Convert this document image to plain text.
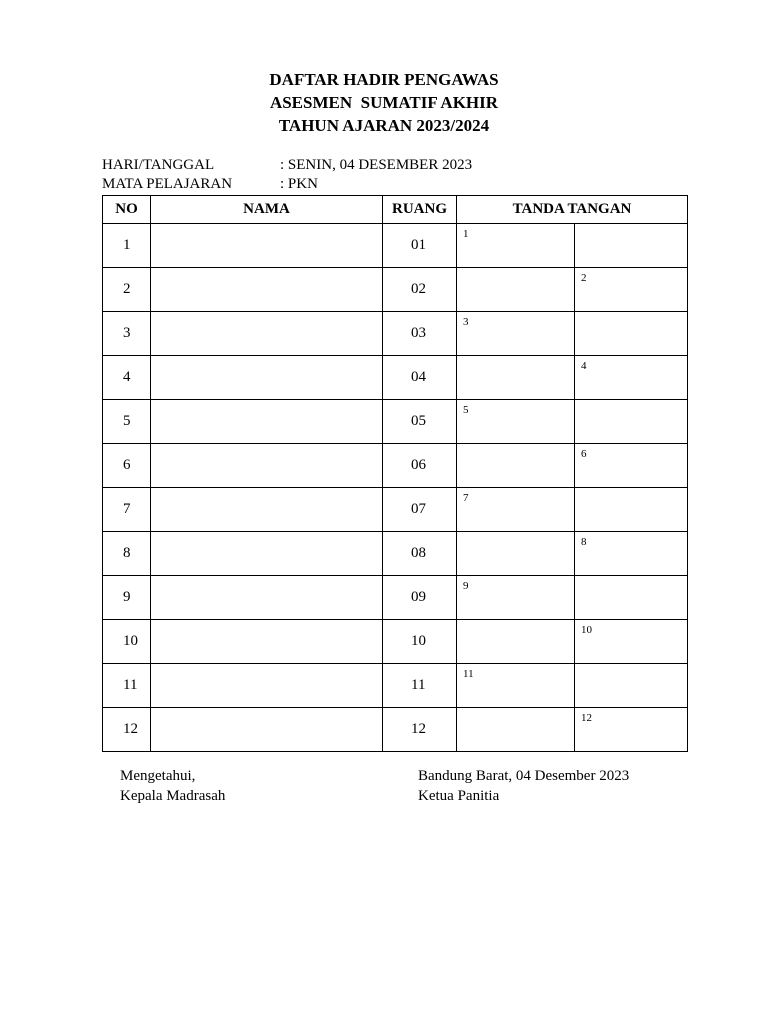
DAFTAR HADIR PENGAWAS
ASESMEN  SUMATIF AKHIR
TAHUN AJARAN 2023/2024
HARI/TANGGAL	: SENIN, 04 DESEMBER 2023
MATA PELAJARAN	: PKN
NO	NAMA	RUANG	TANDA TANGAN	
1		01	1	

2		02		2

3		03	3	

4		04		4

5		05	5	

6		06		6

7		07	7	

8		08		8

9		09	9	

10		10		10

11		11	11	

12		12		12
Mengetahui,
Kepala Madrasah
Bandung Barat, 04 Desember 2023
Ketua Panitia
